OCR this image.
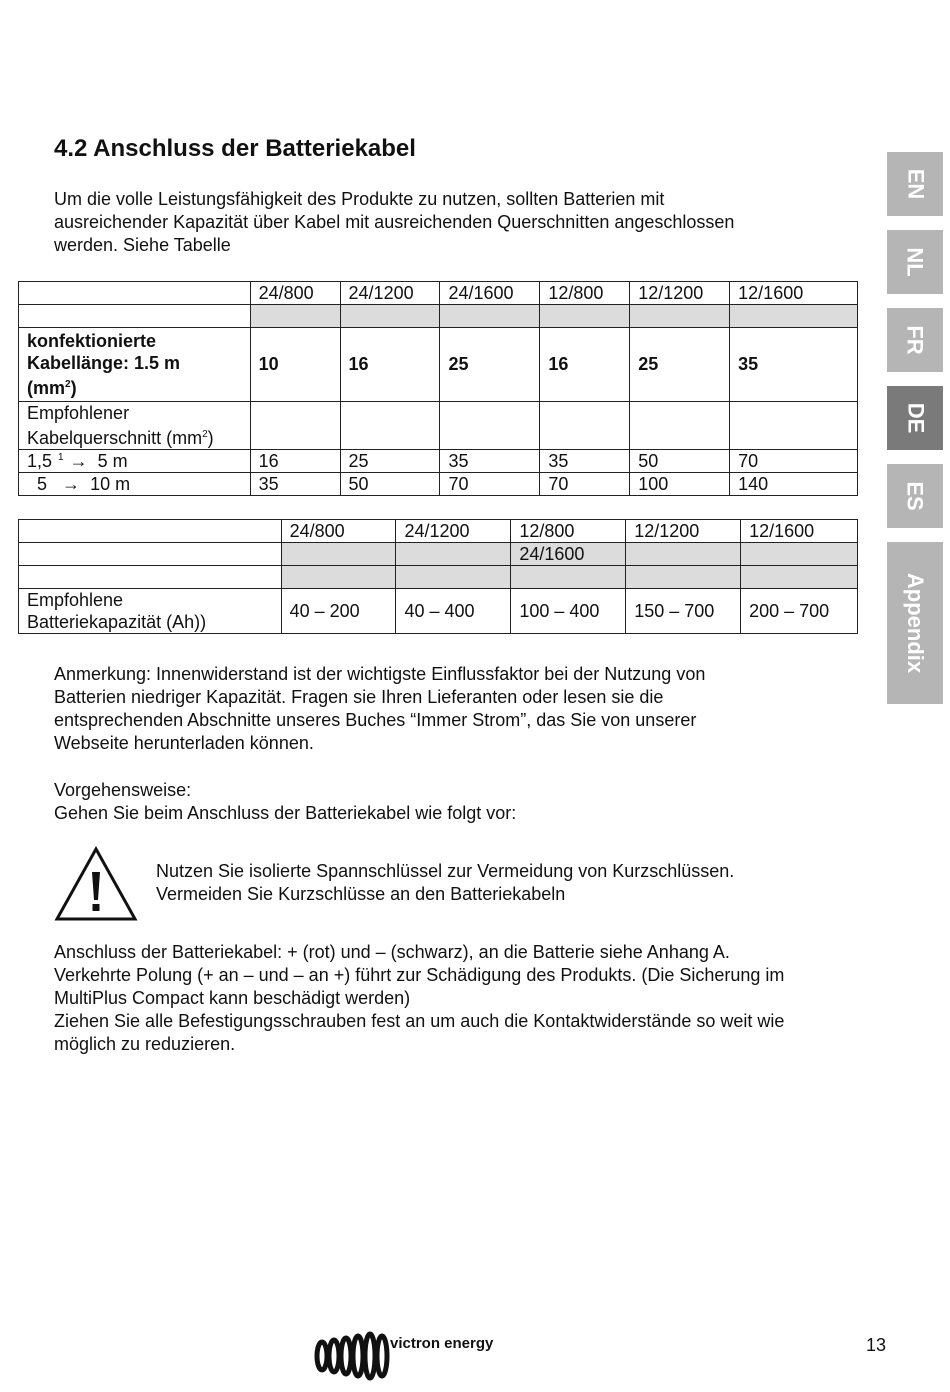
4.2 Anschluss der Batteriekabel
Um die volle Leistungsfähigkeit des Produkte zu nutzen, sollten Batterien mit
ausreichender Kapazität über Kabel mit ausreichenden Querschnitten angeschlossen
werden. Siehe Tabelle
	24/800	24/1200	24/1600	12/800	12/1200	12/1600

konfektionierte
Kabellänge: 1.5 m
$(mm^2)$	10	16	25	16	25	35

Empfohlener
Kabelquerschnitt $(mm^2)$						

1,5 $^1$ → 5 m	16	25	35	35	50	70
5 → 10 m	35	50	70	70	100	140
	24/800	24/1200	12/800	12/1200	12/1600
			24/1600		

Empfohlene
Batteriekapazität (Ah))	40 – 200	40 – 400	100 – 400	150 – 700	200 – 700
Anmerkung: Innenwiderstand ist der wichtigste Einflussfaktor bei der Nutzung von
Batterien niedriger Kapazität. Fragen sie Ihren Lieferanten oder lesen sie die
entsprechenden Abschnitte unseres Buches “Immer Strom”, das Sie von unserer
Webseite herunterladen können.

Vorgehensweise:

Gehen Sie beim Anschluss der Batteriekabel wie folgt vor:

Nutzen Sie isolierte Spannschlüssel zur Vermeidung von Kurzschlüssen.
Vermeiden Sie Kurzschlüsse an den Batteriekabeln
Anschluss der Batteriekabel: + (rot) und – (schwarz), an die Batterie siehe Anhang A.
Verkehrte Polung (+ an – und – an +) führt zur Schädigung des Produkts. (Die Sicherung im
MultiPlus Compact kann beschädigt werden)
Ziehen Sie alle Befestigungsschrauben fest an um auch die Kontaktwiderstände so weit wie
möglich zu reduzieren.
EN
NL
FR
DE
ES
Appendix
victron energy	13
